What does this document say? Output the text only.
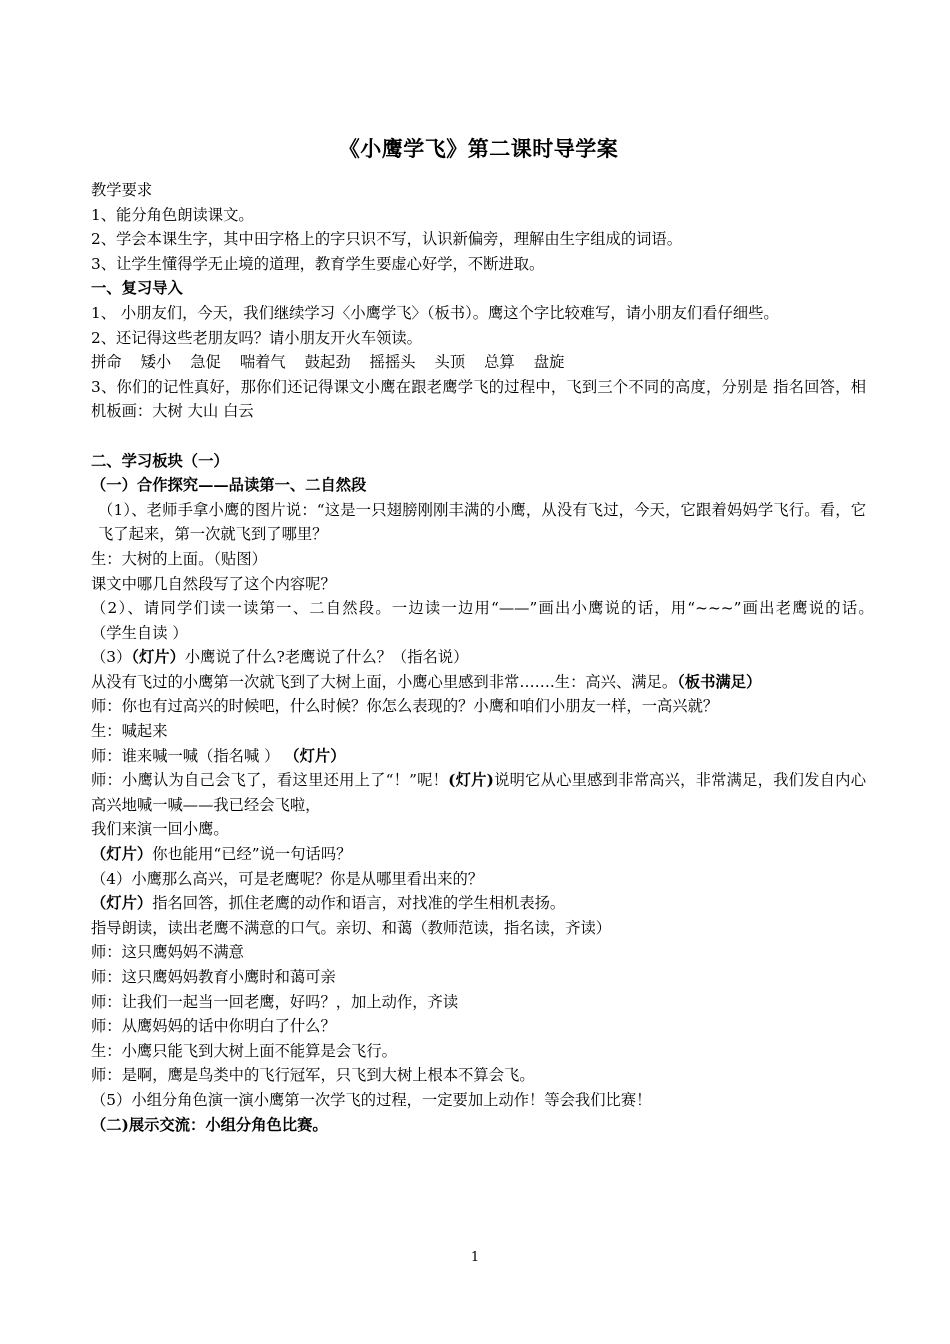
《小鹰学飞》第二课时导学案
教学要求
1、能分角色朗读课文。
2、学会本课生字，其中田字格上的字只识不写，认识新偏旁，理解由生字组成的词语。
3、让学生懂得学无止境的道理，教育学生要虚心好学，不断进取。
一、复习导入
1、 小朋友们，今天，我们继续学习〈小鹰学飞〉（板书）。鹰这个字比较难写，请小朋友们看仔细些。
2、还记得这些老朋友吗？请小朋友开火车领读。
拼命 矮小 急促 喘着气 鼓起劲 摇摇头 头顶 总算 盘旋
3、你们的记性真好，那你们还记得课文小鹰在跟老鹰学飞的过程中，飞到三个不同的高度，分别是 指名回答，相机板画：大树 大山 白云
二、学习板块（一）
（一）合作探究——品读第一、二自然段
（1）、老师手拿小鹰的图片说：“这是一只翅膀刚刚丰满的小鹰，从没有飞过，今天，它跟着妈妈学飞行。看，它飞了起来，第一次就飞到了哪里？
生：大树的上面。（贴图）
课文中哪几自然段写了这个内容呢？
（2）、请同学们读一读第一、二自然段。一边读一边用“——”画出小鹰说的话，用“~~~”画出老鹰说的话。　　　（学生自读 ）
（3）（灯片）小鹰说了什么?老鹰说了什么？（指名说）
从没有飞过的小鹰第一次就飞到了大树上面，小鹰心里感到非常…….生：高兴、满足。（板书满足）
师：你也有过高兴的时候吧，什么时候？你怎么表现的？小鹰和咱们小朋友一样，一高兴就？
生：喊起来
师：谁来喊一喊（指名喊 ） （灯片）
师：小鹰认为自己会飞了，看这里还用上了“！”呢！(灯片)说明它从心里感到非常高兴，非常满足，我们发自内心高兴地喊一喊——我已经会飞啦，
我们来演一回小鹰。
（灯片）你也能用“已经”说一句话吗？
（4）小鹰那么高兴，可是老鹰呢？你是从哪里看出来的？
（灯片）指名回答，抓住老鹰的动作和语言，对找准的学生相机表扬。
指导朗读，读出老鹰不满意的口气。亲切、和蔼（教师范读，指名读，齐读）
师：这只鹰妈妈不满意
师：这只鹰妈妈教育小鹰时和蔼可亲
师：让我们一起当一回老鹰，好吗？，加上动作，齐读
师：从鹰妈妈的话中你明白了什么？
生：小鹰只能飞到大树上面不能算是会飞行。
师：是啊，鹰是鸟类中的飞行冠军，只飞到大树上根本不算会飞。
（5）小组分角色演一演小鹰第一次学飞的过程，一定要加上动作！等会我们比赛！
（二)展示交流：小组分角色比赛。
1
